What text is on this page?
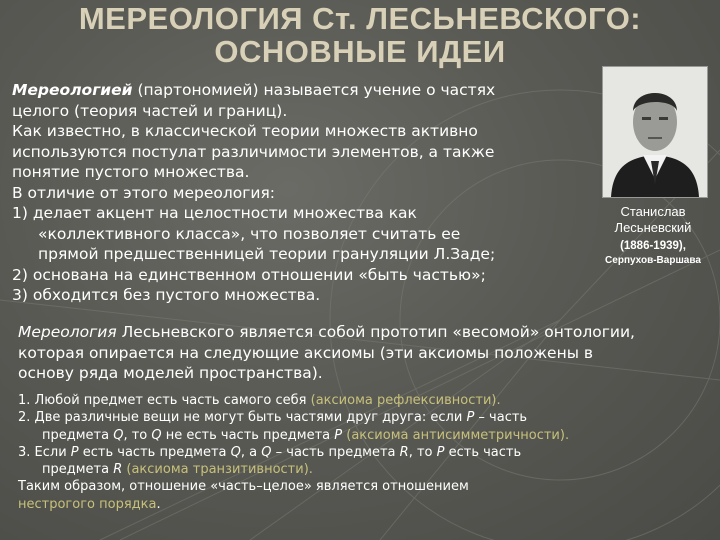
МЕРЕОЛОГИЯ Ст. ЛЕСЬНЕВСКОГО:
ОСНОВНЫЕ ИДЕИ

Мереологией (партономией) называется учение о частях

целого (теория частей и границ).

Как известно, в классической теории множеств активно

используются постулат различимости элементов, а также

понятие пустого множества.

В отличие от этого мереология:

1) делает акцент на целостности множества как

«коллективного класса», что позволяет считать ее

прямой предшественницей теории грануляции Л.Заде;

2) основана на единственном отношении «быть частью»;

3) обходится без пустого множества.

Станислав
Лесьневский
(1886-1939),
Серпухов-Варшава

Мереология Лесьневского является собой прототип «весомой» онтологии,

которая опирается на следующие аксиомы (эти аксиомы положены в

основу ряда моделей пространства).

1. Любой предмет есть часть самого себя (аксиома рефлексивности).

2. Две различные вещи не могут быть частями друг друга: если P – часть

предмета Q, то Q не есть часть предмета P (аксиома антисимметричности).

3. Если P есть часть предмета Q, а Q – часть предмета R, то P есть часть

предмета R (аксиома транзитивности).

Таким образом, отношение «часть–целое» является отношением

нестрогого порядка.
